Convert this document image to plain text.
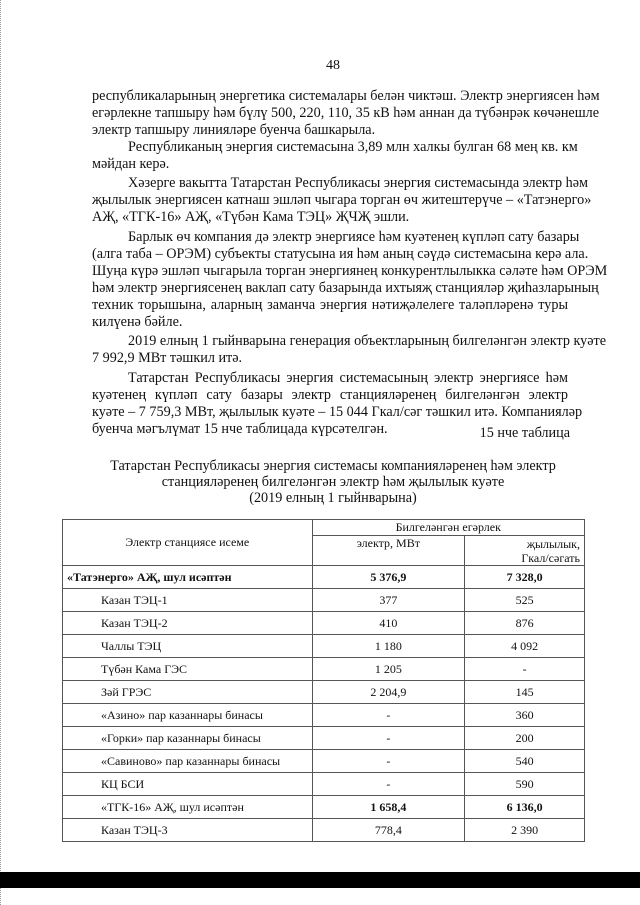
48
республикаларының энергетика системалары белән чиктәш. Электр энергиясен һәм
егәрлекне тапшыру һәм бүлү 500, 220, 110, 35 кВ һәм аннан да түбәнрәк көчәнешле
электр тапшыру линияләре буенча башкарыла.
Республиканың энергия системасына 3,89 млн халкы булган 68 мең кв. км
мәйдан керә.
Хәзерге вакытта Татарстан Республикасы энергия системасында электр һәм
җылылык энергиясен катнаш эшләп чыгара торган өч житештерүче – «Татэнерго»
АҖ, «ТГК-16» АҖ, «Түбән Кама ТЭЦ» ҖЧҖ эшли.
Барлык өч компания дә электр энергиясе һәм куәтенең күпләп сату базары
(алга таба – ОРЭМ) субъекты статусына ия һәм аның сәүдә системасына керә ала.
Шуңа күрә эшләп чыгарыла торган энергиянең конкурентлылыкка сәләте һәм ОРЭМ
һәм электр энергиясенең ваклап сату базарында ихтыяҗ станцияләр җиһазларының
техник торышына, аларның заманча энергия нәтиҗәлелеге таләпләренә туры
килүенә бәйле.
2019 елның 1 гыйнварына генерация объектларының билгеләнгән электр куәте
7 992,9 МВт тәшкил итә.
Татарстан Республикасы энергия системасының электр энергиясе һәм
куәтенең күпләп сату базары электр станцияләренең билгеләнгән электр
куәте – 7 759,3 МВт, җылылык куәте – 15 044 Гкал/сәг тәшкил итә. Компанияләр
буенча мәгълүмат 15 нче таблицада күрсәтелгән.	15 нче таблица
Татарстан Республикасы энергия системасы компанияләренең һәм электр
станцияләренең билгеләнгән электр һәм җылылык куәте
(2019 елның 1 гыйнварына)
Электр станциясе исеме	Билгеләнгән егәрлек	
	электр, МВт	җылылык,
Гкал/сәгать
«Татэнерго» АҖ, шул исәптән	5 376,9	7 328,0
Казан ТЭЦ-1	377	525
Казан ТЭЦ-2	410	876
Чаллы ТЭЦ	1 180	4 092
Түбән Кама ГЭС	1 205	-
Зәй ГРЭС	2 204,9	145
«Азино» пар казаннары бинасы	-	360
«Горки» пар казаннары бинасы	-	200
«Савиново» пар казаннары бинасы	-	540
КЦ БСИ	-	590
«ТГК-16» АҖ, шул исәптән	1 658,4	6 136,0
Казан ТЭЦ-3	778,4	2 390
